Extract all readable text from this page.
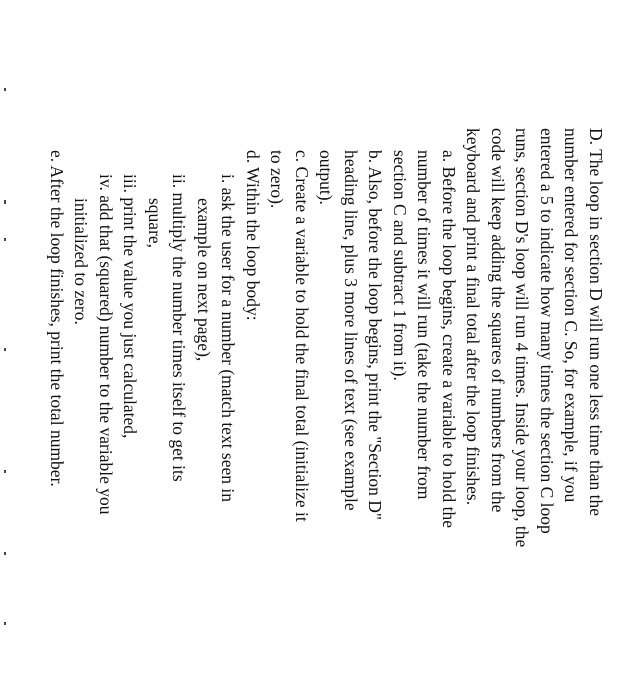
D. The loop in section D will run one less time than the
number entered for section C. So, for example, if you
entered a 5 to indicate how many times the section C loop
runs, section D's loop will run 4 times. Inside your loop, the
code will keep adding the squares of numbers from the
keyboard and print a final total after the loop finishes.
a. Before the loop begins, create a variable to hold the
number of times it will run (take the number from
section C and subtract 1 from it).
b. Also, before the loop begins, print the "Section D"
heading line, plus 3 more lines of text (see example
output).
c. Create a variable to hold the final total (initialize it
to zero).
d. Within the loop body:
i. ask the user for a number (match text seen in
example on next page),
ii. multiply the number times itself to get its
square,
iii. print the value you just calculated,
iv. add that (squared) number to the variable you
initialized to zero.
e. After the loop finishes, print the total number.
